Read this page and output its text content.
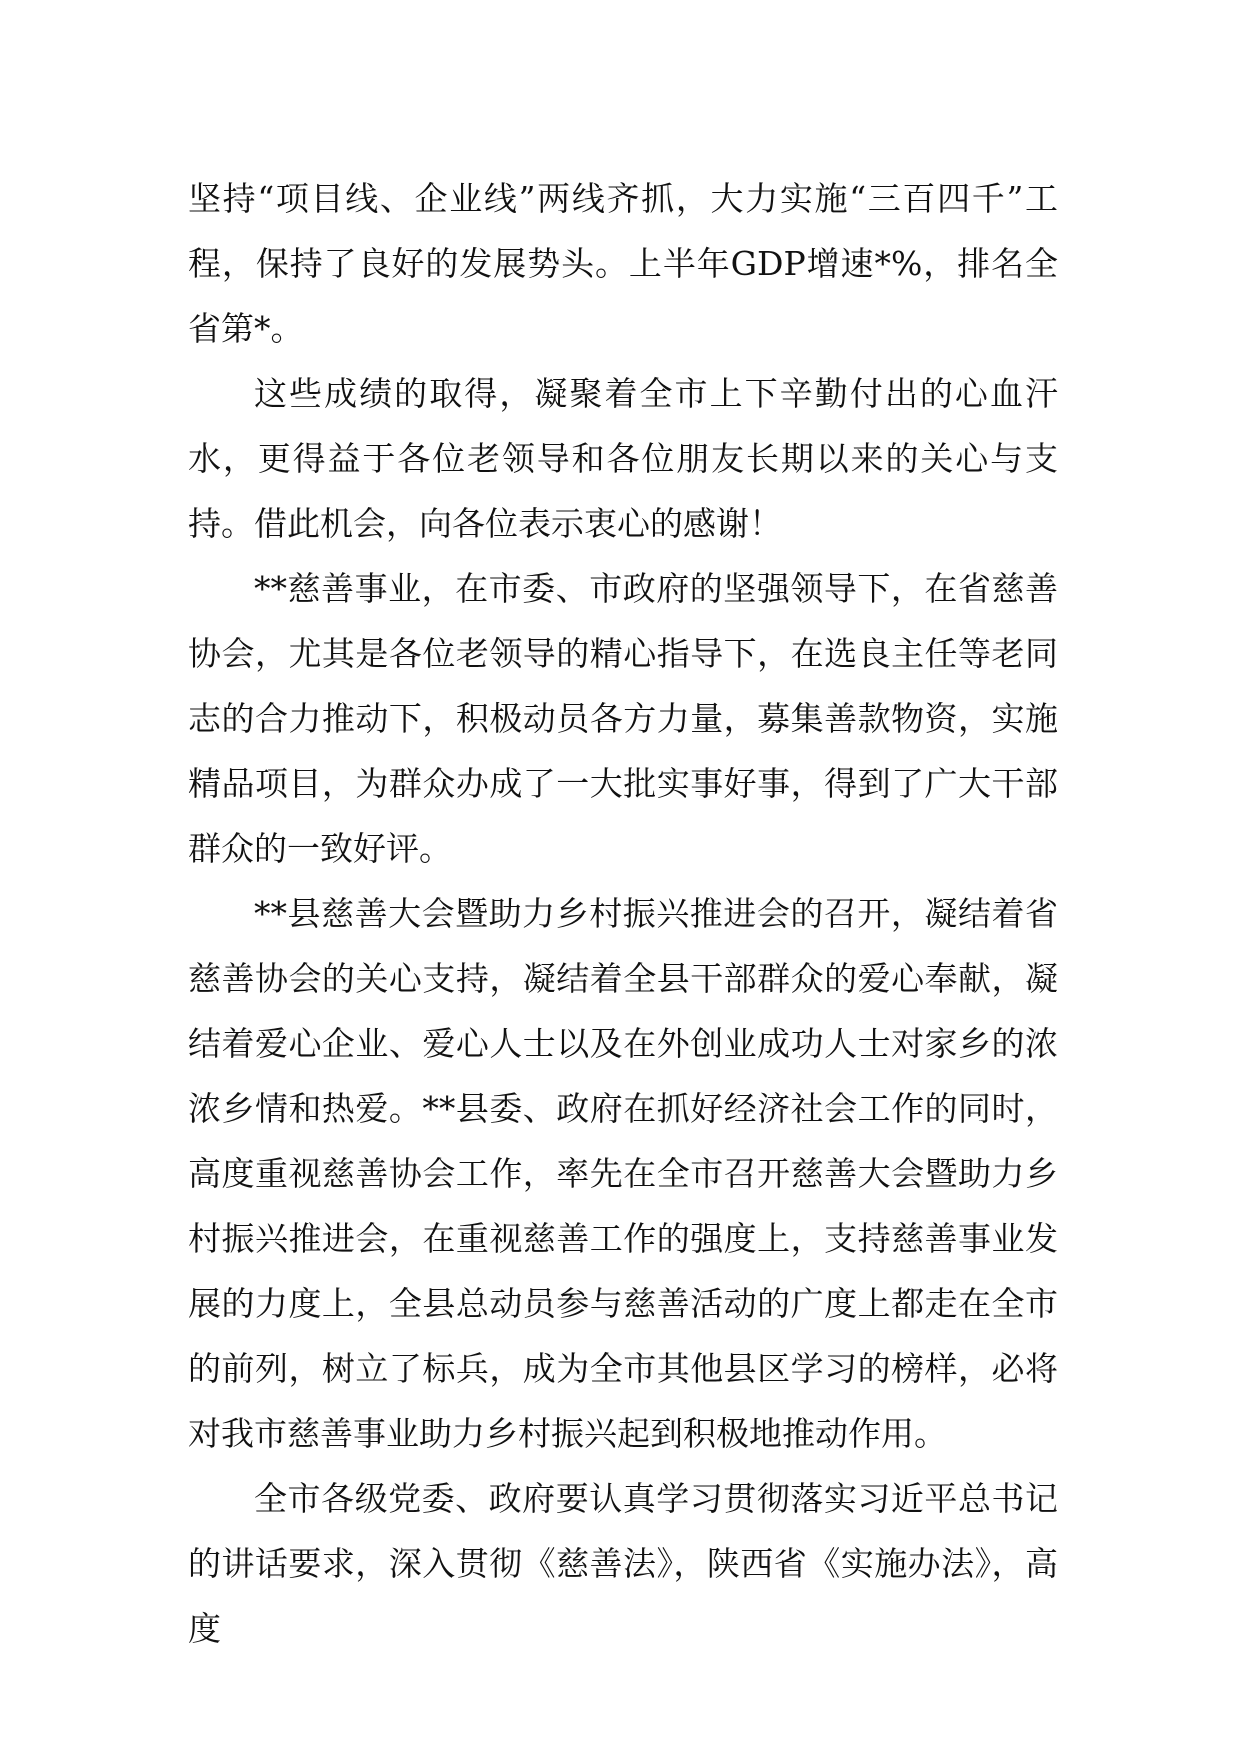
坚持“项目线、企业线”两线齐抓，大力实施“三百四千”工程，保持了良好的发展势头。上半年GDP增速*%，排名全省第*。

这些成绩的取得，凝聚着全市上下辛勤付出的心血汗水，更得益于各位老领导和各位朋友长期以来的关心与支持。借此机会，向各位表示衷心的感谢！

**慈善事业，在市委、市政府的坚强领导下，在省慈善协会，尤其是各位老领导的精心指导下，在选良主任等老同志的合力推动下，积极动员各方力量，募集善款物资，实施精品项目，为群众办成了一大批实事好事，得到了广大干部群众的一致好评。

**县慈善大会暨助力乡村振兴推进会的召开，凝结着省慈善协会的关心支持，凝结着全县干部群众的爱心奉献，凝结着爱心企业、爱心人士以及在外创业成功人士对家乡的浓浓乡情和热爱。**县委、政府在抓好经济社会工作的同时，高度重视慈善协会工作，率先在全市召开慈善大会暨助力乡村振兴推进会，在重视慈善工作的强度上，支持慈善事业发展的力度上，全县总动员参与慈善活动的广度上都走在全市的前列，树立了标兵，成为全市其他县区学习的榜样，必将对我市慈善事业助力乡村振兴起到积极地推动作用。

全市各级党委、政府要认真学习贯彻落实习近平总书记的讲话要求，深入贯彻《慈善法》，陕西省《实施办法》，高度
